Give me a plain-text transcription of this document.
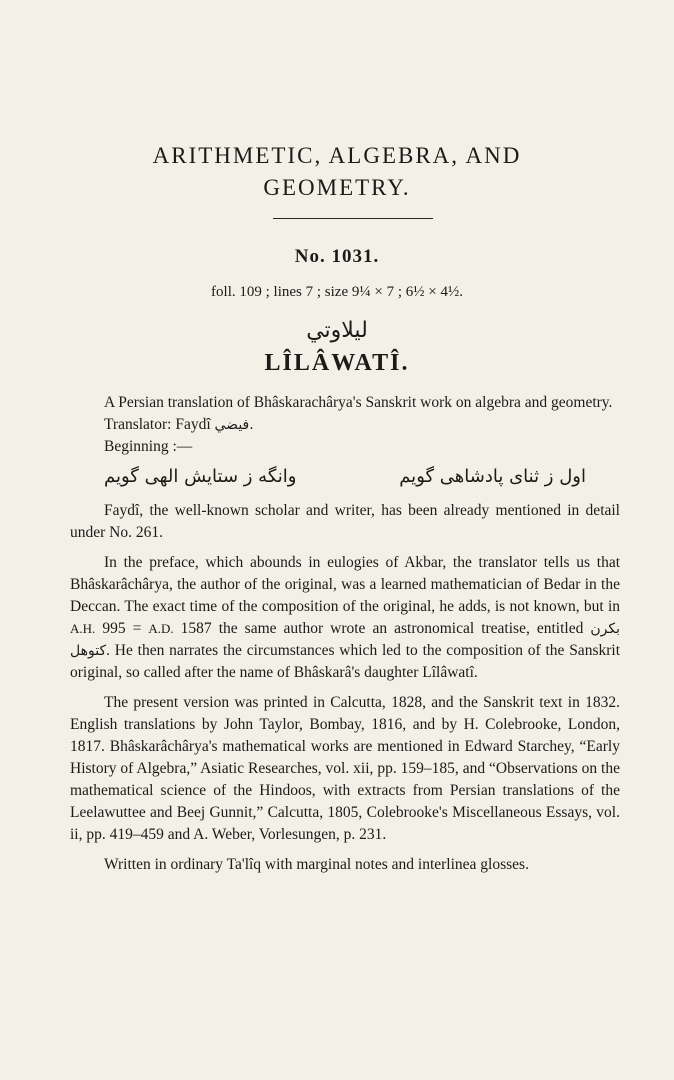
ARITHMETIC, ALGEBRA, AND
GEOMETRY.
No. 1031.
foll. 109 ; lines 7 ; size 9¼ × 7 ; 6½ × 4½.
ليلاوتي
LÎLÂWATÎ.

A Persian translation of Bhâskarachârya's Sanskrit work on algebra and geometry.

Translator: Faydî فيضي.

Beginning :—

اول ز ثنای پادشاهی گویم
وانگه ز ستایش الهی گویم

Faydî, the well-known scholar and writer, has been already mentioned in detail under No. 261.

In the preface, which abounds in eulogies of Akbar, the translator tells us that Bhâskarâchârya, the author of the original, was a learned mathematician of Bedar in the Deccan. The exact time of the composition of the original, he adds, is not known, but in A.H. 995 = A.D. 1587 the same author wrote an astronomical treatise, entitled بکرن کتوهل. He then narrates the circumstances which led to the composition of the Sanskrit original, so called after the name of Bhâskarâ's daughter Lîlâwatî.

The present version was printed in Calcutta, 1828, and the Sanskrit text in 1832. English translations by John Taylor, Bombay, 1816, and by H. Colebrooke, London, 1817. Bhâskarâchârya's mathematical works are mentioned in Edward Starchey, “Early History of Algebra,” Asiatic Researches, vol. xii, pp. 159–185, and “Observations on the mathematical science of the Hindoos, with extracts from Persian translations of the Leelawuttee and Beej Gunnit,” Calcutta, 1805, Colebrooke's Miscellaneous Essays, vol. ii, pp. 419–459 and A. Weber, Vorlesungen, p. 231.

Written in ordinary Ta'lîq with marginal notes and interlinea glosses.
